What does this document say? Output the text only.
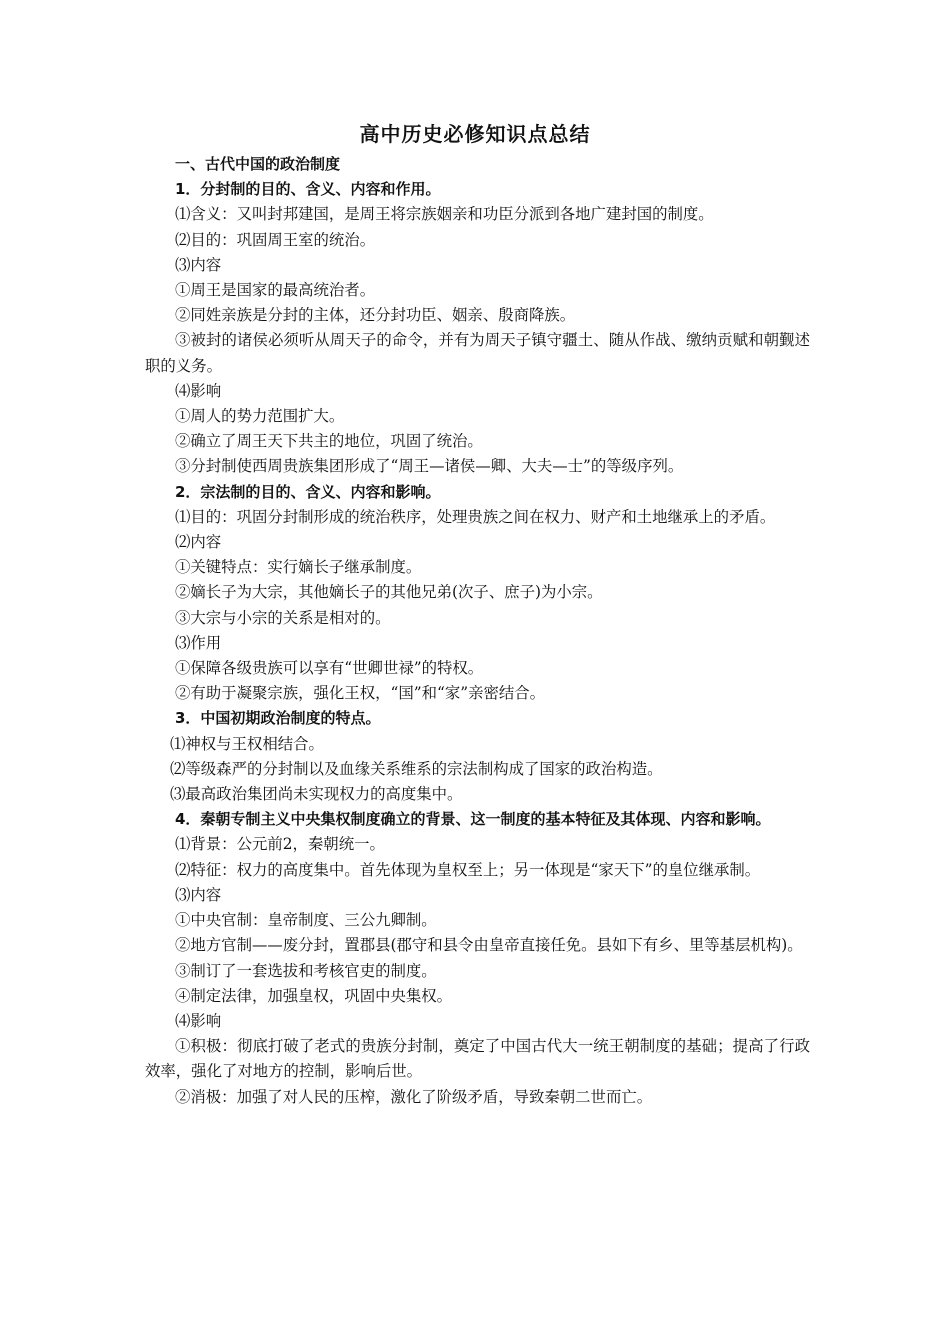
高中历史必修知识点总结

一、古代中国的政治制度

1．分封制的目的、含义、内容和作用。

⑴含义：又叫封邦建国，是周王将宗族姻亲和功臣分派到各地广建封国的制度。

⑵目的：巩固周王室的统治。

⑶内容

①周王是国家的最高统治者。

②同姓亲族是分封的主体，还分封功臣、姻亲、殷商降族。

③被封的诸侯必须听从周天子的命令，并有为周天子镇守疆土、随从作战、缴纳贡赋和朝觐述职的义务。

⑷影响

①周人的势力范围扩大。

②确立了周王天下共主的地位，巩固了统治。

③分封制使西周贵族集团形成了“周王—诸侯—卿、大夫—士”的等级序列。

2．宗法制的目的、含义、内容和影响。

⑴目的：巩固分封制形成的统治秩序，处理贵族之间在权力、财产和土地继承上的矛盾。

⑵内容

①关键特点：实行嫡长子继承制度。

②嫡长子为大宗，其他嫡长子的其他兄弟(次子、庶子)为小宗。

③大宗与小宗的关系是相对的。

⑶作用

①保障各级贵族可以享有“世卿世禄”的特权。

②有助于凝聚宗族，强化王权，“国”和“家”亲密结合。

3．中国初期政治制度的特点。

⑴神权与王权相结合。

⑵等级森严的分封制以及血缘关系维系的宗法制构成了国家的政治构造。

⑶最高政治集团尚未实现权力的高度集中。

4．秦朝专制主义中央集权制度确立的背景、这一制度的基本特征及其体现、内容和影响。

⑴背景：公元前2，秦朝统一。

⑵特征：权力的高度集中。首先体现为皇权至上；另一体现是“家天下”的皇位继承制。

⑶内容

①中央官制：皇帝制度、三公九卿制。

②地方官制——废分封，置郡县(郡守和县令由皇帝直接任免。县如下有乡、里等基层机构)。

③制订了一套选拔和考核官吏的制度。

④制定法律，加强皇权，巩固中央集权。

⑷影响

①积极：彻底打破了老式的贵族分封制，奠定了中国古代大一统王朝制度的基础；提高了行政效率，强化了对地方的控制，影响后世。

②消极：加强了对人民的压榨，激化了阶级矛盾，导致秦朝二世而亡。
